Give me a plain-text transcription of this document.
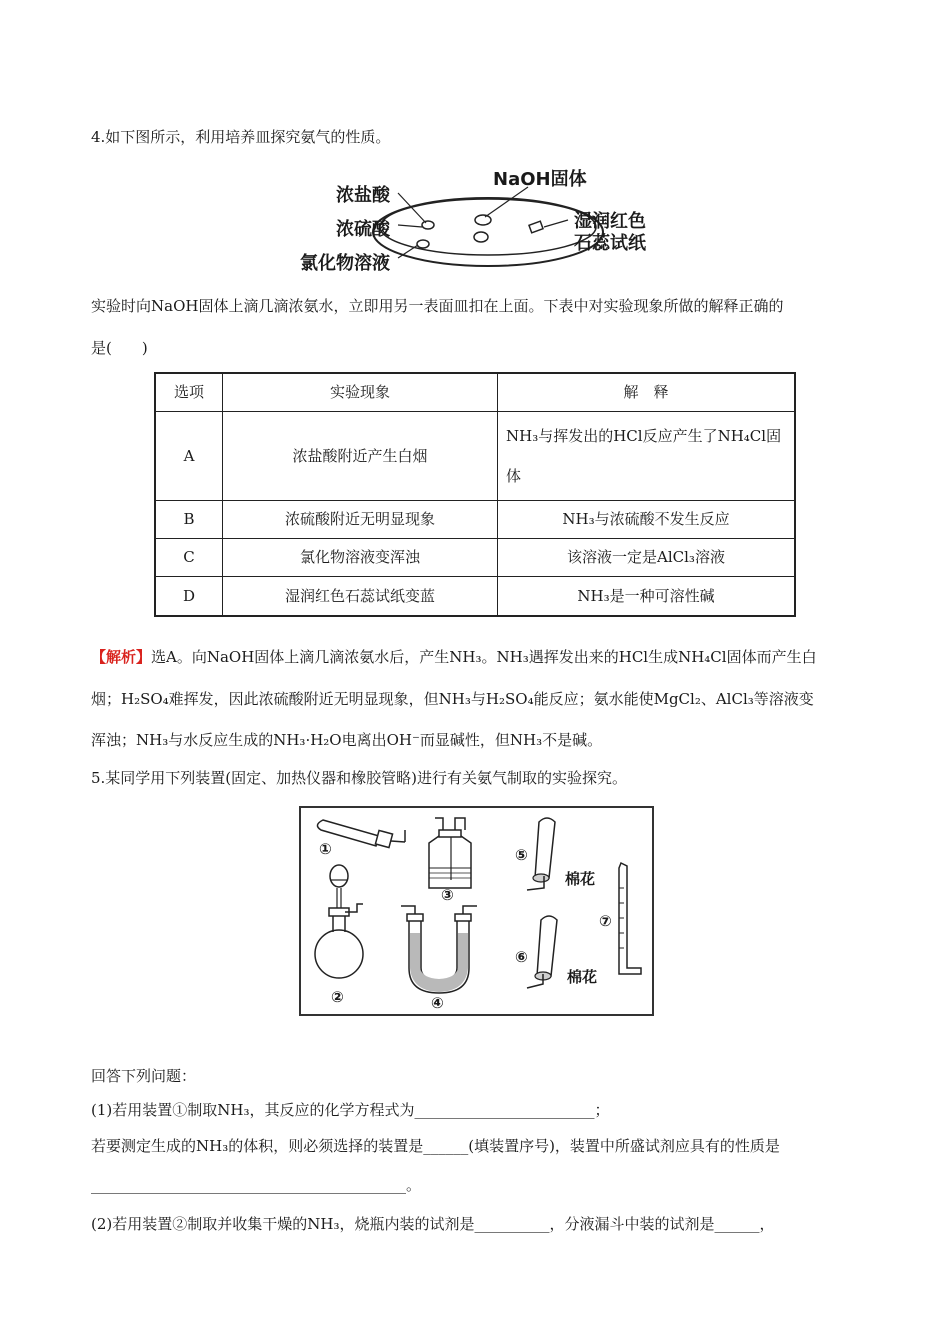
4.如下图所示，利用培养皿探究氨气的性质。
NaOH固体
浓盐酸
浓硫酸
氯化物溶液
湿润红色
石蕊试纸
实验时向NaOH固体上滴几滴浓氨水，立即用另一表面皿扣在上面。下表中对实验现象所做的解释正确的
是(　　)
选项	实验现象	解　释
A	浓盐酸附近产生白烟	NH₃与挥发出的HCl反应产生了NH₄Cl固体
B	浓硫酸附近无明显现象	NH₃与浓硫酸不发生反应
C	氯化物溶液变浑浊	该溶液一定是AlCl₃溶液
D	湿润红色石蕊试纸变蓝	NH₃是一种可溶性碱
【解析】选A。向NaOH固体上滴几滴浓氨水后，产生NH₃。NH₃遇挥发出来的HCl生成NH₄Cl固体而产生白
烟；H₂SO₄难挥发，因此浓硫酸附近无明显现象，但NH₃与H₂SO₄能反应；氨水能使MgCl₂、AlCl₃等溶液变
浑浊；NH₃与水反应生成的NH₃·H₂O电离出OH⁻而显碱性，但NH₃不是碱。
5.某同学用下列装置(固定、加热仪器和橡胶管略)进行有关氨气制取的实验探究。
①
②
③
④
⑤
⑥
⑦
棉花
棉花
回答下列问题：
(1)若用装置①制取NH₃，其反应的化学方程式为________________________；
若要测定生成的NH₃的体积，则必须选择的装置是______(填装置序号)，装置中所盛试剂应具有的性质是
__________________________________________。
(2)若用装置②制取并收集干燥的NH₃，烧瓶内装的试剂是__________，分液漏斗中装的试剂是______，
